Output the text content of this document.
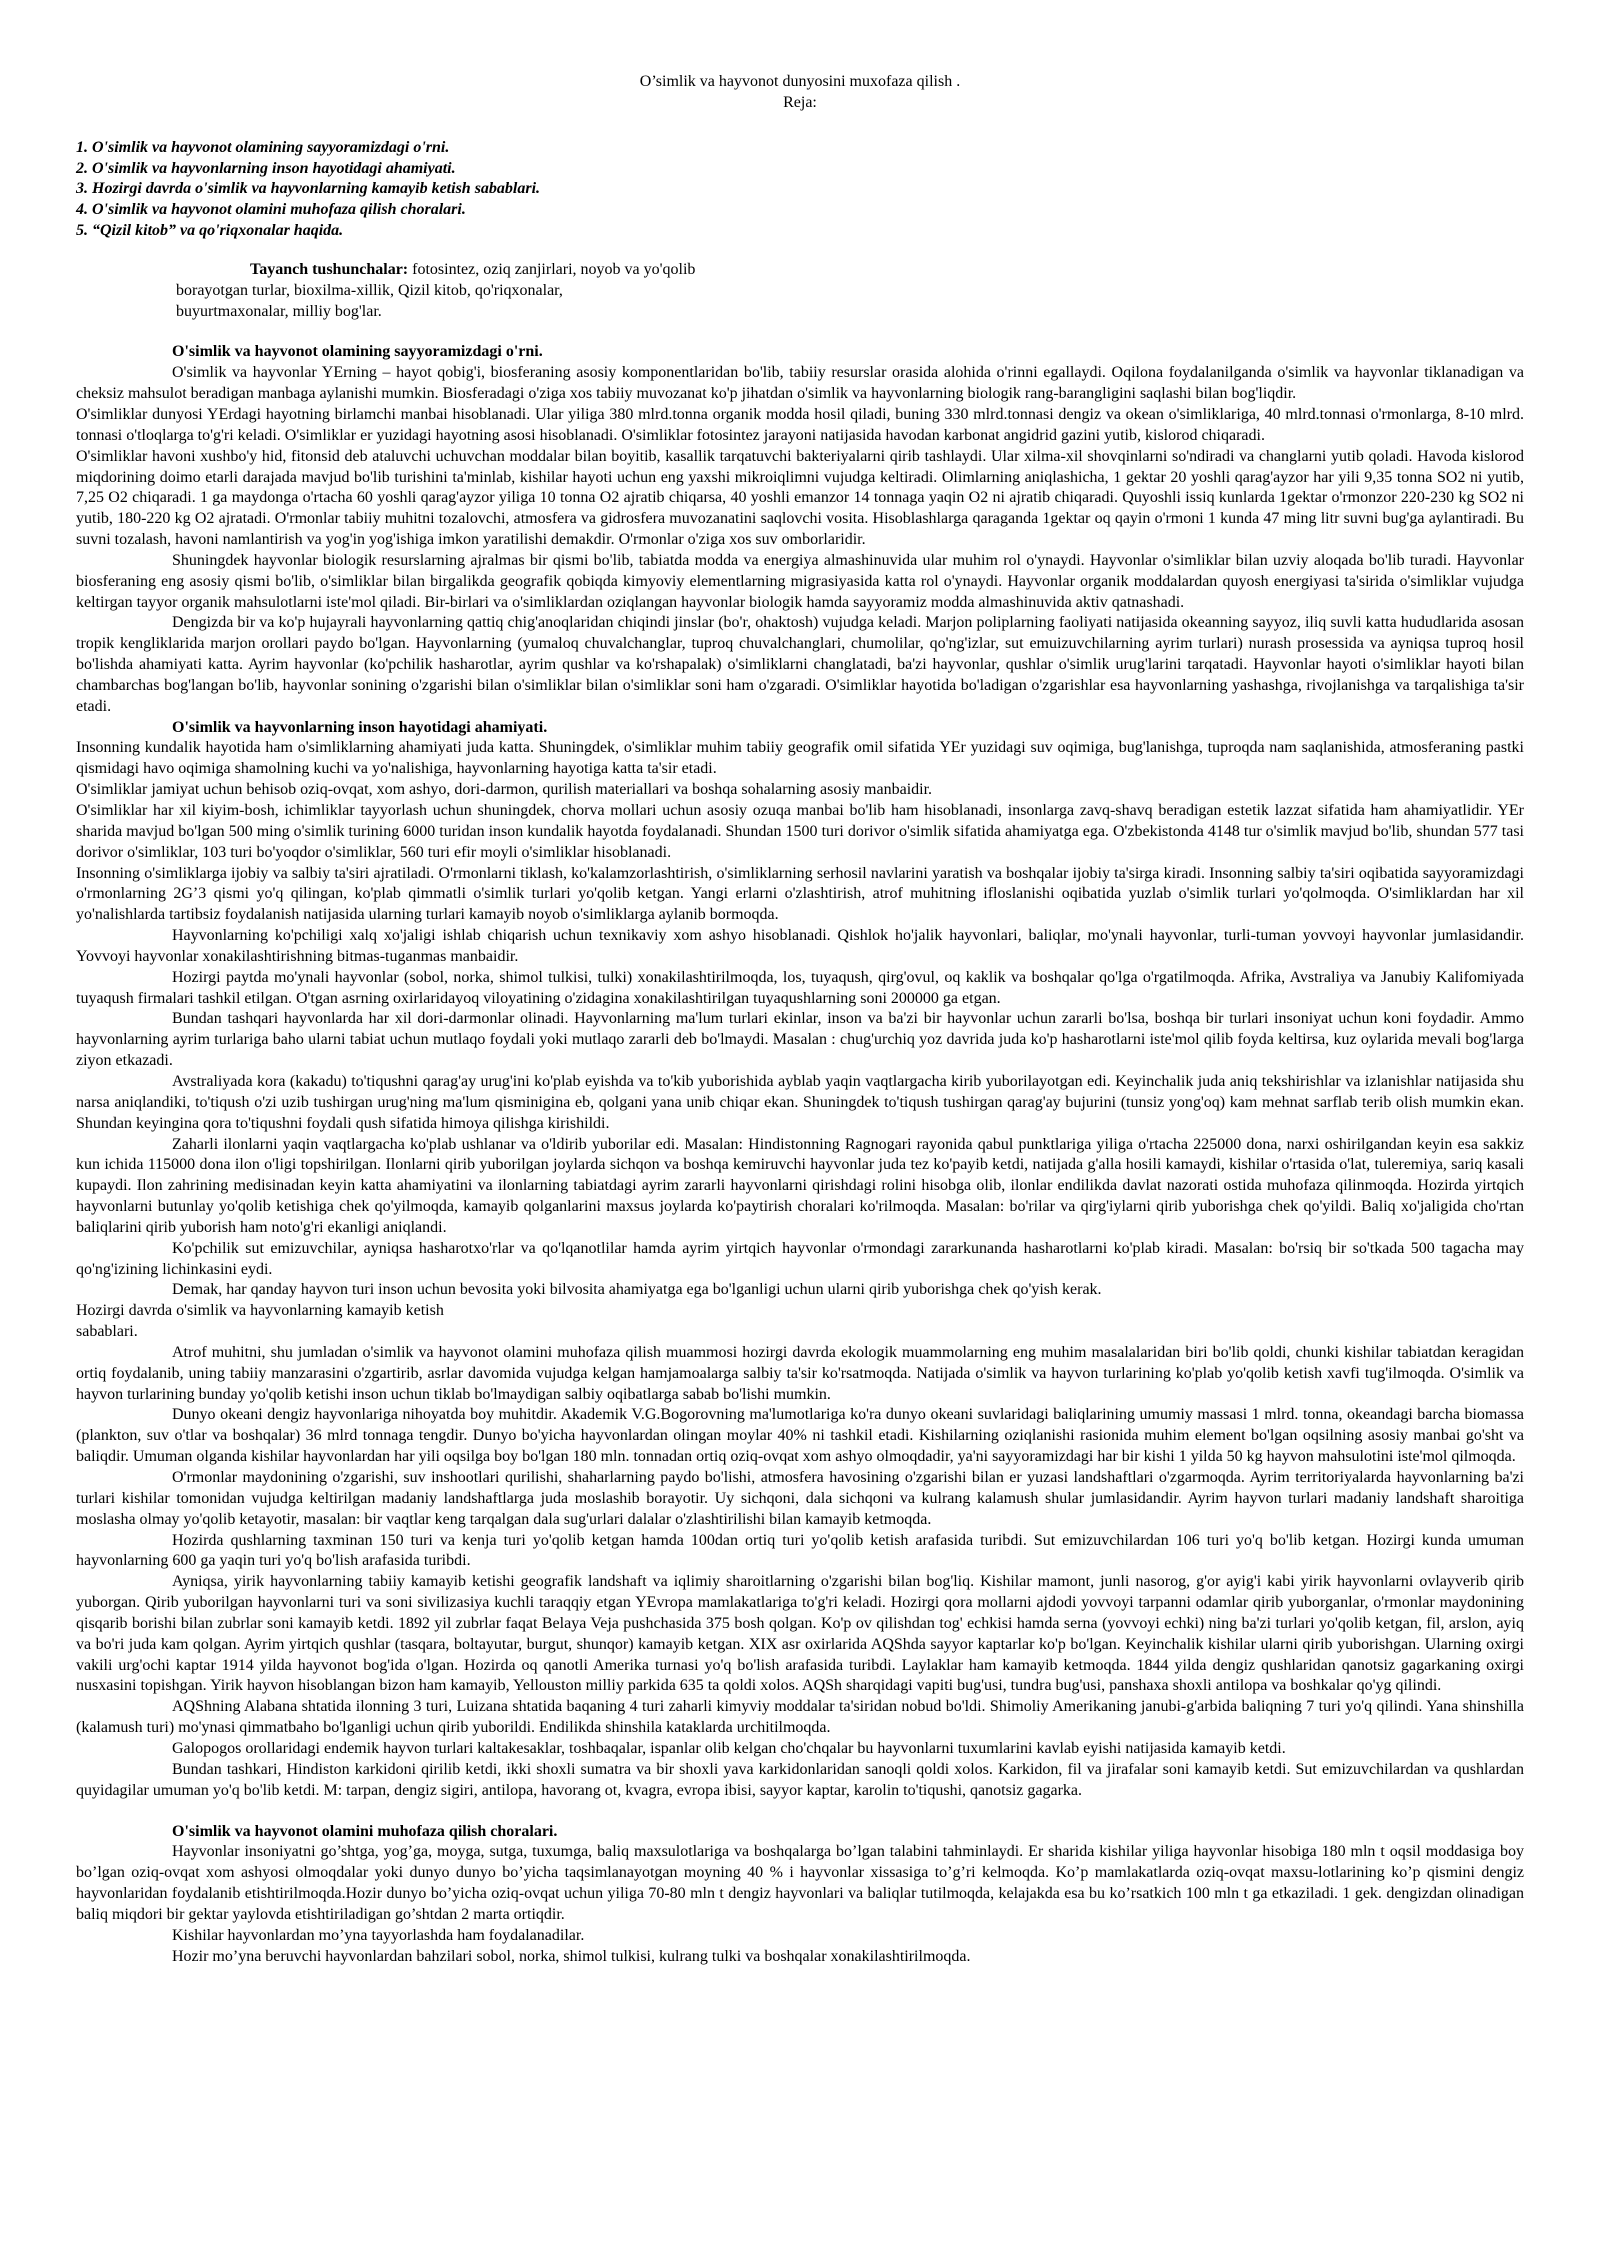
O’simlik va hayvonot dunyosini muxofaza qilish .

Reja:

1. O'simlik va hayvonot olamining sayyoramizdagi o'rni.
2. O'simlik va hayvonlarning inson hayotidagi ahamiyati.
3. Hozirgi davrda o'simlik va hayvonlarning kamayib ketish sabablari.
4. O'simlik va hayvonot olamini muhofaza qilish choralari.
5. “Qizil kitob” va qo'riqxonalar haqida.
Tayanch tushunchalar: fotosintez, oziq zanjirlari, noyob va yo'qolib
borayotgan turlar, bioxilma-xillik, Qizil kitob, qo'riqxonalar,
buyurtmaxonalar, milliy bog'lar.
O'simlik va hayvonot olamining sayyoramizdagi o'rni.

O'simlik va hayvonlar YErning – hayot qobig'i, biosferaning asosiy komponentlaridan bo'lib, tabiiy resurslar orasida alohida o'rinni egallaydi. Oqilona foydalanilganda o'simlik va hayvonlar tiklanadigan va cheksiz mahsulot beradigan manbaga aylanishi mumkin. Biosferadagi o'ziga xos tabiiy muvozanat ko'p jihatdan o'simlik va hayvonlarning biologik rang-barangligini saqlashi bilan bog'liqdir.

O'simliklar dunyosi YErdagi hayotning birlamchi manbai hisoblanadi. Ular yiliga 380 mlrd.tonna organik modda hosil qiladi, buning 330 mlrd.tonnasi dengiz va okean o'simliklariga, 40 mlrd.tonnasi o'rmonlarga, 8-10 mlrd. tonnasi o'tloqlarga to'g'ri keladi. O'simliklar er yuzidagi hayotning asosi hisoblanadi. O'simliklar fotosintez jarayoni natijasida havodan karbonat angidrid gazini yutib, kislorod chiqaradi.

O'simliklar havoni xushbo'y hid, fitonsid deb ataluvchi uchuvchan moddalar bilan boyitib, kasallik tarqatuvchi bakteriyalarni qirib tashlaydi. Ular xilma-xil shovqinlarni so'ndiradi va changlarni yutib qoladi. Havoda kislorod miqdorining doimo etarli darajada mavjud bo'lib turishini ta'minlab, kishilar hayoti uchun eng yaxshi mikroiqlimni vujudga keltiradi. Olimlarning aniqlashicha, 1 gektar 20 yoshli qarag'ayzor har yili 9,35 tonna SO2 ni yutib, 7,25 O2 chiqaradi. 1 ga maydonga o'rtacha 60 yoshli qarag'ayzor yiliga 10 tonna O2 ajratib chiqarsa, 40 yoshli emanzor 14 tonnaga yaqin O2 ni ajratib chiqaradi. Quyoshli issiq kunlarda 1gektar o'rmonzor 220-230 kg SO2 ni yutib, 180-220 kg O2 ajratadi. O'rmonlar tabiiy muhitni tozalovchi, atmosfera va gidrosfera muvozanatini saqlovchi vosita. Hisoblashlarga qaraganda 1gektar oq qayin o'rmoni 1 kunda 47 ming litr suvni bug'ga aylantiradi. Bu suvni tozalash, havoni namlantirish va yog'in yog'ishiga imkon yaratilishi demakdir. O'rmonlar o'ziga xos suv omborlaridir.

Shuningdek hayvonlar biologik resurslarning ajralmas bir qismi bo'lib, tabiatda modda va energiya almashinuvida ular muhim rol o'ynaydi. Hayvonlar o'simliklar bilan uzviy aloqada bo'lib turadi. Hayvonlar biosferaning eng asosiy qismi bo'lib, o'simliklar bilan birgalikda geografik qobiqda kimyoviy elementlarning migrasiyasida katta rol o'ynaydi. Hayvonlar organik moddalardan quyosh energiyasi ta'sirida o'simliklar vujudga keltirgan tayyor organik mahsulotlarni iste'mol qiladi. Bir-birlari va o'simliklardan oziqlangan hayvonlar biologik hamda sayyoramiz modda almashinuvida aktiv qatnashadi.

Dengizda bir va ko'p hujayrali hayvonlarning qattiq chig'anoqlaridan chiqindi jinslar (bo'r, ohaktosh) vujudga keladi. Marjon poliplarning faoliyati natijasida okeanning sayyoz, iliq suvli katta hududlarida asosan tropik kengliklarida marjon orollari paydo bo'lgan. Hayvonlarning (yumaloq chuvalchanglar, tuproq chuvalchanglari, chumolilar, qo'ng'izlar, sut emuizuvchilarning ayrim turlari) nurash prosessida va ayniqsa tuproq hosil bo'lishda ahamiyati katta. Ayrim hayvonlar (ko'pchilik hasharotlar, ayrim qushlar va ko'rshapalak) o'simliklarni changlatadi, ba'zi hayvonlar, qushlar o'simlik urug'larini tarqatadi. Hayvonlar hayoti o'simliklar hayoti bilan chambarchas bog'langan bo'lib, hayvonlar sonining o'zgarishi bilan o'simliklar bilan o'simliklar soni ham o'zgaradi. O'simliklar hayotida bo'ladigan o'zgarishlar esa hayvonlarning yashashga, rivojlanishga va tarqalishiga ta'sir etadi.

O'simlik va hayvonlarning inson hayotidagi ahamiyati.

Insonning kundalik hayotida ham o'simliklarning ahamiyati juda katta. Shuningdek, o'simliklar muhim tabiiy geografik omil sifatida YEr yuzidagi suv oqimiga, bug'lanishga, tuproqda nam saqlanishida, atmosferaning pastki qismidagi havo oqimiga shamolning kuchi va yo'nalishiga, hayvonlarning hayotiga katta ta'sir etadi.

O'simliklar jamiyat uchun behisob oziq-ovqat, xom ashyo, dori-darmon, qurilish materiallari va boshqa sohalarning asosiy manbaidir.

O'simliklar har xil kiyim-bosh, ichimliklar tayyorlash uchun shuningdek, chorva mollari uchun asosiy ozuqa manbai bo'lib ham hisoblanadi, insonlarga zavq-shavq beradigan estetik lazzat sifatida ham ahamiyatlidir. YEr sharida mavjud bo'lgan 500 ming o'simlik turining 6000 turidan inson kundalik hayotda foydalanadi. Shundan 1500 turi dorivor o'simlik sifatida ahamiyatga ega. O'zbekistonda 4148 tur o'simlik mavjud bo'lib, shundan 577 tasi dorivor o'simliklar, 103 turi bo'yoqdor o'simliklar, 560 turi efir moyli o'simliklar hisoblanadi.

Insonning o'simliklarga ijobiy va salbiy ta'siri ajratiladi. O'rmonlarni tiklash, ko'kalamzorlashtirish, o'simliklarning serhosil navlarini yaratish va boshqalar ijobiy ta'sirga kiradi. Insonning salbiy ta'siri oqibatida sayyoramizdagi o'rmonlarning 2G’3 qismi yo'q qilingan, ko'plab qimmatli o'simlik turlari yo'qolib ketgan. Yangi erlarni o'zlashtirish, atrof muhitning ifloslanishi oqibatida yuzlab o'simlik turlari yo'qolmoqda. O'simliklardan har xil yo'nalishlarda tartibsiz foydalanish natijasida ularning turlari kamayib noyob o'simliklarga aylanib bormoqda.

Hayvonlarning ko'pchiligi xalq xo'jaligi ishlab chiqarish uchun texnikaviy xom ashyo hisoblanadi. Qishlok ho'jalik hayvonlari, baliqlar, mo'ynali hayvonlar, turli-tuman yovvoyi hayvonlar jumlasidandir. Yovvoyi hayvonlar xonakilashtirishning bitmas-tuganmas manbaidir.

Hozirgi paytda mo'ynali hayvonlar (sobol, norka, shimol tulkisi, tulki) xonakilashtirilmoqda, los, tuyaqush, qirg'ovul, oq kaklik va boshqalar qo'lga o'rgatilmoqda. Afrika, Avstraliya va Janubiy Kalifomiyada tuyaqush firmalari tashkil etilgan. O'tgan asrning oxirlaridayoq viloyatining o'zidagina xonakilashtirilgan tuyaqushlarning soni 200000 ga etgan.

Bundan tashqari hayvonlarda har xil dori-darmonlar olinadi. Hayvonlarning ma'lum turlari ekinlar, inson va ba'zi bir hayvonlar uchun zararli bo'lsa, boshqa bir turlari insoniyat uchun koni foydadir. Ammo hayvonlarning ayrim turlariga baho ularni tabiat uchun mutlaqo foydali yoki mutlaqo zararli deb bo'lmaydi. Masalan : chug'urchiq yoz davrida juda ko'p hasharotlarni iste'mol qilib foyda keltirsa, kuz oylarida mevali bog'larga ziyon etkazadi.

Avstraliyada kora (kakadu) to'tiqushni qarag'ay urug'ini ko'plab eyishda va to'kib yuborishida ayblab yaqin vaqtlargacha kirib yuborilayotgan edi. Keyinchalik juda aniq tekshirishlar va izlanishlar natijasida shu narsa aniqlandiki, to'tiqush o'zi uzib tushirgan urug'ning ma'lum qisminigina eb, qolgani yana unib chiqar ekan. Shuningdek to'tiqush tushirgan qarag'ay bujurini (tunsiz yong'oq) kam mehnat sarflab terib olish mumkin ekan. Shundan keyingina qora to'tiqushni foydali qush sifatida himoya qilishga kirishildi.

Zaharli ilonlarni yaqin vaqtlargacha ko'plab ushlanar va o'ldirib yuborilar edi. Masalan: Hindistonning Ragnogari rayonida qabul punktlariga yiliga o'rtacha 225000 dona, narxi oshirilgandan keyin esa sakkiz kun ichida 115000 dona ilon o'ligi topshirilgan. Ilonlarni qirib yuborilgan joylarda sichqon va boshqa kemiruvchi hayvonlar juda tez ko'payib ketdi, natijada g'alla hosili kamaydi, kishilar o'rtasida o'lat, tuleremiya, sariq kasali kupaydi. Ilon zahrining medisinadan keyin katta ahamiyatini va ilonlarning tabiatdagi ayrim zararli hayvonlarni qirishdagi rolini hisobga olib, ilonlar endilikda davlat nazorati ostida muhofaza qilinmoqda. Hozirda yirtqich hayvonlarni butunlay yo'qolib ketishiga chek qo'yilmoqda, kamayib qolganlarini maxsus joylarda ko'paytirish choralari ko'rilmoqda. Masalan: bo'rilar va qirg'iylarni qirib yuborishga chek qo'yildi. Baliq xo'jaligida cho'rtan baliqlarini qirib yuborish ham noto'g'ri ekanligi aniqlandi.

Ko'pchilik sut emizuvchilar, ayniqsa hasharotxo'rlar va qo'lqanotlilar hamda ayrim yirtqich hayvonlar o'rmondagi zararkunanda hasharotlarni ko'plab kiradi. Masalan: bo'rsiq bir so'tkada 500 tagacha may qo'ng'izining lichinkasini eydi.

Demak, har qanday hayvon turi inson uchun bevosita yoki bilvosita ahamiyatga ega bo'lganligi uchun ularni qirib yuborishga chek qo'yish kerak.

Hozirgi davrda o'simlik va hayvonlarning kamayib ketish

sabablari.

Atrof muhitni, shu jumladan o'simlik va hayvonot olamini muhofaza qilish muammosi hozirgi davrda ekologik muammolarning eng muhim masalalaridan biri bo'lib qoldi, chunki kishilar tabiatdan keragidan ortiq foydalanib, uning tabiiy manzarasini o'zgartirib, asrlar davomida vujudga kelgan hamjamoalarga salbiy ta'sir ko'rsatmoqda. Natijada o'simlik va hayvon turlarining ko'plab yo'qolib ketish xavfi tug'ilmoqda. O'simlik va hayvon turlarining bunday yo'qolib ketishi inson uchun tiklab bo'lmaydigan salbiy oqibatlarga sabab bo'lishi mumkin.

Dunyo okeani dengiz hayvonlariga nihoyatda boy muhitdir. Akademik V.G.Bogorovning ma'lumotlariga ko'ra dunyo okeani suvlaridagi baliqlarining umumiy massasi 1 mlrd. tonna, okeandagi barcha biomassa (plankton, suv o'tlar va boshqalar) 36 mlrd tonnaga tengdir. Dunyo bo'yicha hayvonlardan olingan moylar 40% ni tashkil etadi. Kishilarning oziqlanishi rasionida muhim element bo'lgan oqsilning asosiy manbai go'sht va baliqdir. Umuman olganda kishilar hayvonlardan har yili oqsilga boy bo'lgan 180 mln. tonnadan ortiq oziq-ovqat xom ashyo olmoqdadir, ya'ni sayyoramizdagi har bir kishi 1 yilda 50 kg hayvon mahsulotini iste'mol qilmoqda.

O'rmonlar maydonining o'zgarishi, suv inshootlari qurilishi, shaharlarning paydo bo'lishi, atmosfera havosining o'zgarishi bilan er yuzasi landshaftlari o'zgarmoqda. Ayrim territoriyalarda hayvonlarning ba'zi turlari kishilar tomonidan vujudga keltirilgan madaniy landshaftlarga juda moslashib borayotir. Uy sichqoni, dala sichqoni va kulrang kalamush shular jumlasidandir. Ayrim hayvon turlari madaniy landshaft sharoitiga moslasha olmay yo'qolib ketayotir, masalan: bir vaqtlar keng tarqalgan dala sug'urlari dalalar o'zlashtirilishi bilan kamayib ketmoqda.

Hozirda qushlarning taxminan 150 turi va kenja turi yo'qolib ketgan hamda 100dan ortiq turi yo'qolib ketish arafasida turibdi. Sut emizuvchilardan 106 turi yo'q bo'lib ketgan. Hozirgi kunda umuman hayvonlarning 600 ga yaqin turi yo'q bo'lish arafasida turibdi.

Ayniqsa, yirik hayvonlarning tabiiy kamayib ketishi geografik landshaft va iqlimiy sharoitlarning o'zgarishi bilan bog'liq. Kishilar mamont, junli nasorog, g'or ayig'i kabi yirik hayvonlarni ovlayverib qirib yuborgan. Qirib yuborilgan hayvonlarni turi va soni sivilizasiya kuchli taraqqiy etgan YEvropa mamlakatlariga to'g'ri keladi. Hozirgi qora mollarni ajdodi yovvoyi tarpanni odamlar qirib yuborganlar, o'rmonlar maydonining qisqarib borishi bilan zubrlar soni kamayib ketdi. 1892 yil zubrlar faqat Belaya Veja pushchasida 375 bosh qolgan. Ko'p ov qilishdan tog' echkisi hamda serna (yovvoyi echki) ning ba'zi turlari yo'qolib ketgan, fil, arslon, ayiq va bo'ri juda kam qolgan. Ayrim yirtqich qushlar (tasqara, boltayutar, burgut, shunqor) kamayib ketgan. XIX asr oxirlarida AQShda sayyor kaptarlar ko'p bo'lgan. Keyinchalik kishilar ularni qirib yuborishgan. Ularning oxirgi vakili urg'ochi kaptar 1914 yilda hayvonot bog'ida o'lgan. Hozirda oq qanotli Amerika turnasi yo'q bo'lish arafasida turibdi. Laylaklar ham kamayib ketmoqda. 1844 yilda dengiz qushlaridan qanotsiz gagarkaning oxirgi nusxasini topishgan. Yirik hayvon hisoblangan bizon ham kamayib, Yellouston milliy parkida 635 ta qoldi xolos. AQSh sharqidagi vapiti bug'usi, tundra bug'usi, panshaxa shoxli antilopa va boshkalar qo'yg qilindi.

AQShning Alabana shtatida ilonning 3 turi, Luizana shtatida baqaning 4 turi zaharli kimyviy moddalar ta'siridan nobud bo'ldi. Shimoliy Amerikaning janubi-g'arbida baliqning 7 turi yo'q qilindi. Yana shinshilla (kalamush turi) mo'ynasi qimmatbaho bo'lganligi uchun qirib yuborildi. Endilikda shinshila kataklarda urchitilmoqda.

Galopogos orollaridagi endemik hayvon turlari kaltakesaklar, toshbaqalar, ispanlar olib kelgan cho'chqalar bu hayvonlarni tuxumlarini kavlab eyishi natijasida kamayib ketdi.

Bundan tashkari, Hindiston karkidoni qirilib ketdi, ikki shoxli sumatra va bir shoxli yava karkidonlaridan sanoqli qoldi xolos. Karkidon, fil va jirafalar soni kamayib ketdi. Sut emizuvchilardan va qushlardan quyidagilar umuman yo'q bo'lib ketdi. M: tarpan, dengiz sigiri, antilopa, havorang ot, kvagra, evropa ibisi, sayyor kaptar, karolin to'tiqushi, qanotsiz gagarka.

O'simlik va hayvonot olamini muhofaza qilish choralari.

Hayvonlar insoniyatni go’shtga, yog’ga, moyga, sutga, tuxumga, baliq maxsulotlariga va boshqalarga bo’lgan talabini tahminlaydi. Er sharida kishilar yiliga hayvonlar hisobiga 180 mln t oqsil moddasiga boy bo’lgan oziq-ovqat xom ashyosi olmoqdalar yoki dunyo dunyo bo’yicha taqsimlanayotgan moyning 40 % i hayvonlar xissasiga to’g’ri kelmoqda. Ko’p mamlakatlarda oziq-ovqat maxsu-lotlarining ko’p qismini dengiz hayvonlaridan foydalanib etishtirilmoqda.Hozir dunyo bo’yicha oziq-ovqat uchun yiliga 70-80 mln t dengiz hayvonlari va baliqlar tutilmoqda, kelajakda esa bu ko’rsatkich 100 mln t ga etkaziladi. 1 gek. dengizdan olinadigan baliq miqdori bir gektar yaylovda etishtiriladigan go’shtdan 2 marta ortiqdir.

Kishilar hayvonlardan mo’yna tayyorlashda ham foydalanadilar.

Hozir mo’yna beruvchi hayvonlardan bahzilari sobol, norka, shimol tulkisi, kulrang tulki va boshqalar xonakilashtirilmoqda.
